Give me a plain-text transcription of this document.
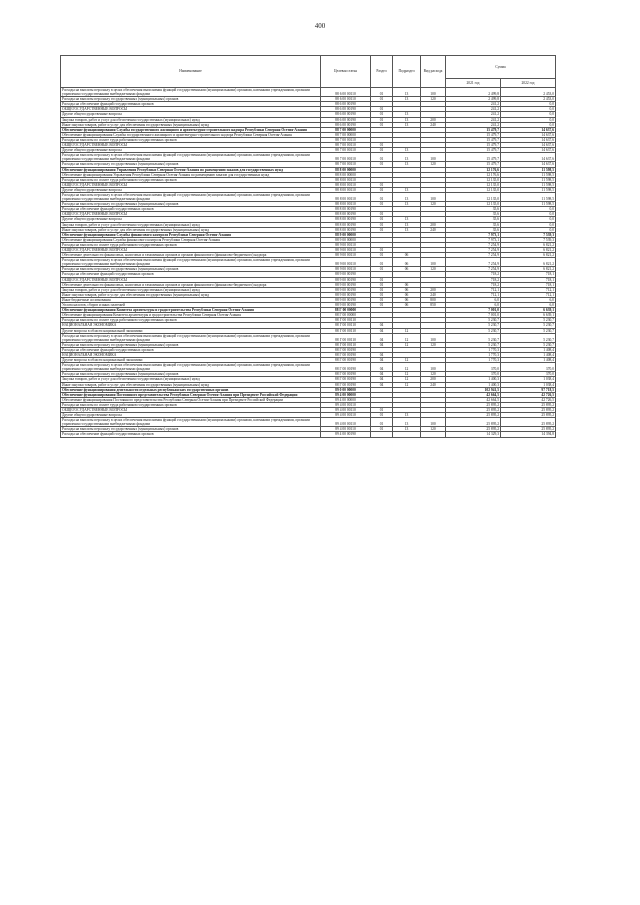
400
Наименование	Целевая статья	Раздел	Подраздел	Вид расхода	Сумма	
					2021 год	2022 год
Расходы на выплаты персоналу в целях обеспечения выполнения функций государственными (муниципальными) органами, казенными учреждениями, органами управления государственными внебюджетными фондами	88 6 00 00110	01	13	100	2 499,8	2 453,0
Расходы на выплаты персоналу государственных (муниципальных) органов	88 6 00 00110	01	13	120	2 499,8	2 453,0
Расходы на обеспечение функций государственных органов	88 6 00 00190				241,2	0,0
ОБЩЕГОСУДАРСТВЕННЫЕ ВОПРОСЫ	88 6 00 00190	01			241,2	0,0
Другие общегосударственные вопросы	88 6 00 00190	01	13		241,2	0,0
Закупка товаров, работ и услуг для обеспечения государственных (муниципальных) нужд	88 6 00 00190	01	13	200	241,2	0,0
Иные закупки товаров, работ и услуг для обеспечения государственных (муниципальных) нужд	88 6 00 00190	01	13	240	241,2	0,0
Обеспечение функционирования Службы государственного жилищного и архитектурно-строительного надзора Республики Северная Осетия-Алания	88 7 00 00000				15 479,7	14 637,6
Обеспечение функционирования Службы государственного жилищного и архитектурно-строительного надзора Республики Северная Осетия-Алания	88 7 00 00000				15 479,7	14 637,6
Расходы на выплаты по оплате труда работников государственных органов	88 7 00 00110				15 479,7	14 637,6
ОБЩЕГОСУДАРСТВЕННЫЕ ВОПРОСЫ	88 7 00 00110	01			15 479,7	14 637,6
Другие общегосударственные вопросы	88 7 00 00110	01	13		15 479,7	14 637,6
Расходы на выплаты персоналу в целях обеспечения выполнения функций государственными (муниципальными) органами, казенными учреждениями, органами управления государственными внебюджетными фондами	88 7 00 00110	01	13	100	15 479,7	14 637,6
Расходы на выплаты персоналу государственных (муниципальных) органов	88 7 00 00110	01	13	120	15 479,7	14 637,6
Обеспечение функционирования Управления Республики Северная Осетия-Алания по размещению заказов для государственных нужд	88 8 00 00000				12 176,6	11 598,5
Обеспечение функционирования Управления Республики Северная Осетия-Алания по размещению заказов для государственных нужд	88 8 00 00000				12 176,6	11 598,5
Расходы на выплаты по оплате труда работников государственных органов	88 8 00 00110				12 135,0	11 598,5
ОБЩЕГОСУДАРСТВЕННЫЕ ВОПРОСЫ	88 8 00 00110	01			12 135,0	11 598,5
Другие общегосударственные вопросы	88 8 00 00110	01	13		12 135,0	11 598,5
Расходы на выплаты персоналу в целях обеспечения выполнения функций государственными (муниципальными) органами, казенными учреждениями, органами управления государственными внебюджетными фондами	88 8 00 00110	01	13	100	12 135,0	11 598,5
Расходы на выплаты персоналу государственных (муниципальных) органов	88 8 00 00110	01	13	120	12 135,0	11 598,5
Расходы на обеспечение функций государственных органов	88 8 00 00190				35,6	0,0
ОБЩЕГОСУДАРСТВЕННЫЕ ВОПРОСЫ	88 8 00 00190	01			35,6	0,0
Другие общегосударственные вопросы	88 8 00 00190	01	13		35,6	0,0
Закупка товаров, работ и услуг для обеспечения государственных (муниципальных) нужд	88 8 00 00190	01	13	200	35,6	0,0
Иные закупки товаров, работ и услуг для обеспечения государственных (муниципальных) нужд	88 8 00 00190	01	13	240	35,6	0,0
Обеспечение функционирования Службы финансового контроля Республики Северная Осетия-Алания	88 9 00 00000				7 973,1	7 539,3
Обеспечение функционирования Службы финансового контроля Республики Северная Осетия-Алания	88 9 00 00000				7 973,1	7 539,3
Расходы на выплаты по оплате труда работников государственных органов	88 9 00 00110				7 254,9	6 821,2
ОБЩЕГОСУДАРСТВЕННЫЕ ВОПРОСЫ	88 9 00 00110	01			7 254,9	6 821,2
Обеспечение деятельности финансовых, налоговых и таможенных органов и органов финансового (финансово-бюджетного) надзора	88 9 00 00110	01	06		7 254,9	6 821,2
Расходы на выплаты персоналу в целях обеспечения выполнения функций государственными (муниципальными) органами, казенными учреждениями, органами управления государственными внебюджетными фондами	88 9 00 00110	01	06	100	7 254,9	6 821,2
Расходы на выплаты персоналу государственных (муниципальных) органов	88 9 00 00110	01	06	120	7 254,9	6 821,2
Расходы на обеспечение функций государственных органов	88 9 00 00190				718,2	718,1
ОБЩЕГОСУДАРСТВЕННЫЕ ВОПРОСЫ	88 9 00 00190	01			718,2	718,1
Обеспечение деятельности финансовых, налоговых и таможенных органов и органов финансового (финансово-бюджетного) надзора	88 9 00 00190	01	06		718,2	718,1
Закупка товаров, работ и услуг для обеспечения государственных (муниципальных) нужд	88 9 00 00190	01	06	200	712,1	712,1
Иные закупки товаров, работ и услуг для обеспечения государственных (муниципальных) нужд	88 9 00 00190	01	06	240	712,1	712,1
Иные бюджетные ассигнования	88 9 00 00190	01	06	800	6,0	6,0
Уплата налогов, сборов и иных платежей	88 9 00 00190	01	06	850	6,0	6,0
Обеспечение функционирования Комитета архитектуры и градостроительства Республики Северная Осетия-Алания	88 Г 00 00000				7 001,0	6 639,1
Обеспечение функционирования Комитета архитектуры и градостроительства Республики Северная Осетия-Алания	88 Г 00 00000				7 001,0	6 639,1
Расходы на выплаты по оплате труда работников государственных органов	88 Г 00 00110				5 230,7	5 230,7
НАЦИОНАЛЬНАЯ ЭКОНОМИКА	88 Г 00 00110	04			5 230,7	5 230,7
Другие вопросы в области национальной экономики	88 Г 00 00110	04	12		5 230,7	5 230,7
Расходы на выплаты персоналу в целях обеспечения выполнения функций государственными (муниципальными) органами, казенными учреждениями, органами управления государственными внебюджетными фондами	88 Г 00 00110	04	12	100	5 230,7	5 230,7
Расходы на выплаты персоналу государственных (муниципальных) органов	88 Г 00 00110	04	12	120	5 230,7	5 230,7
Расходы на обеспечение функций государственных органов	88 Г 00 00190				1 770,3	1 408,4
НАЦИОНАЛЬНАЯ ЭКОНОМИКА	88 Г 00 00190	04			1 770,3	1 408,4
Другие вопросы в области национальной экономики	88 Г 00 00190	04	12		1 770,3	1 408,4
Расходы на выплаты персоналу в целях обеспечения выполнения функций государственными (муниципальными) органами, казенными учреждениями, органами управления государственными внебюджетными фондами	88 Г 00 00190	04	12	100	370,0	370,0
Расходы на выплаты персоналу государственных (муниципальных) органов	88 Г 00 00190	04	12	120	370,0	370,0
Закупка товаров, работ и услуг для обеспечения государственных (муниципальных) нужд	88 Г 00 00190	04	12	200	1 400,3	1 038,4
Иные закупки товаров, работ и услуг для обеспечения государственных (муниципальных) нужд	88 Г 00 00190	04	12	240	1 400,3	1 038,4
Обеспечение функционирования деятельности отдельных республиканских государственных органов	89 0 00 00000				102 941,5	97 718,5
Обеспечение функционирования Постоянного представительства Республики Северная Осетия-Алания при Президенте Российской Федерации	89 4 00 00000				42 664,5	42 726,5
Обеспечение функционирования Постоянного представительства Республики Северная Осетия-Алания при Президенте Российской Федерации	89 4 00 00000				42 664,5	42 726,5
Расходы на выплаты по оплате труда работников государственных органов	89 4 00 00110				25 895,2	25 895,2
ОБЩЕГОСУДАРСТВЕННЫЕ ВОПРОСЫ	89 4 00 00110	01			25 895,2	25 895,2
Другие общегосударственные вопросы	89 4 00 00110	01	13		25 895,2	25 895,2
Расходы на выплаты персоналу в целях обеспечения выполнения функций государственными (муниципальными) органами, казенными учреждениями, органами управления государственными внебюджетными фондами	89 4 00 00110	01	13	100	25 895,2	25 895,2
Расходы на выплаты персоналу государственных (муниципальных) органов	89 4 00 00110	01	13	120	25 895,2	25 895,2
Расходы на обеспечение функций государственных органов	89 4 00 00190				14 329,3	14 394,8
